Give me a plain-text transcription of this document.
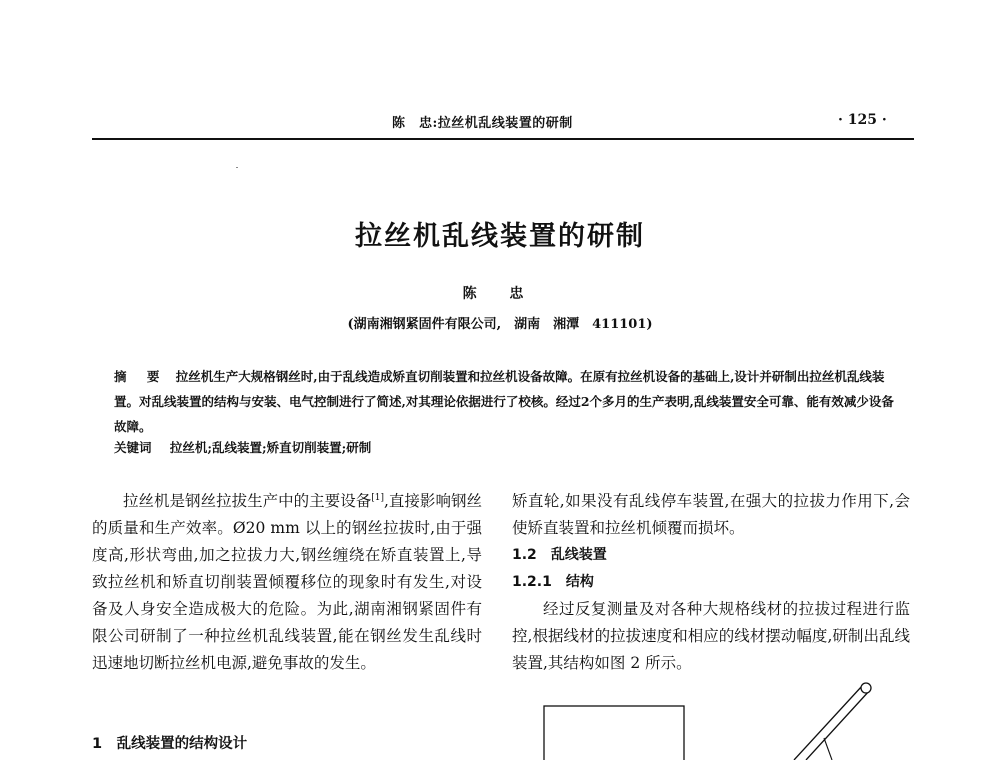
陈　忠:拉丝机乱线装置的研制	· 125 ·
拉丝机乱线装置的研制
陈 忠
(湖南湘钢紧固件有限公司,　湖南　湘潭　411101)
摘 要 拉丝机生产大规格钢丝时,由于乱线造成矫直切削装置和拉丝机设备故障。在原有拉丝机设备的基础上,设计并研制出拉丝机乱线装置。对乱线装置的结构与安装、电气控制进行了简述,对其理论依据进行了校核。经过2个多月的生产表明,乱线装置安全可靠、能有效减少设备故障。
关键词 拉丝机;乱线装置;矫直切削装置;研制

拉丝机是钢丝拉拔生产中的主要设备[1],直接影响钢丝的质量和生产效率。Ø20 mm 以上的钢丝拉拔时,由于强度高,形状弯曲,加之拉拔力大,钢丝缠绕在矫直装置上,导致拉丝机和矫直切削装置倾覆移位的现象时有发生,对设备及人身安全造成极大的危险。为此,湖南湘钢紧固件有限公司研制了一种拉丝机乱线装置,能在钢丝发生乱线时迅速地切断拉丝机电源,避免事故的发生。

1　乱线装置的结构设计

矫直轮,如果没有乱线停车装置,在强大的拉拔力作用下,会使矫直装置和拉丝机倾覆而损坏。

1.2 乱线装置

1.2.1 结构

经过反复测量及对各种大规格线材的拉拔过程进行监控,根据线材的拉拔速度和相应的线材摆动幅度,研制出乱线装置,其结构如图 2 所示。
